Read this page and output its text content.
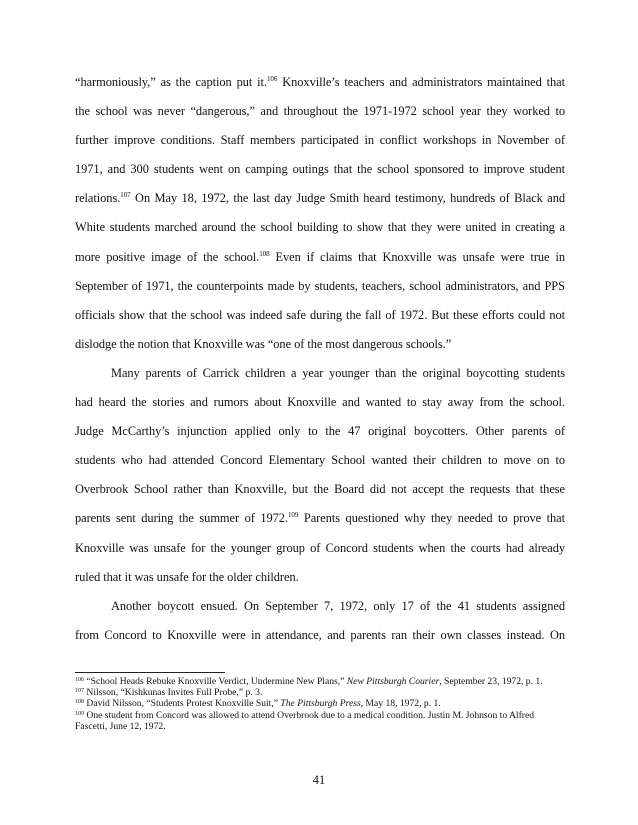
“harmoniously,” as the caption put it.$^{106}$ Knoxville’s teachers and administrators maintained that
the school was never “dangerous,” and throughout the 1971-1972 school year they worked to
further improve conditions. Staff members participated in conflict workshops in November of
1971, and 300 students went on camping outings that the school sponsored to improve student
relations.$^{107}$ On May 18, 1972, the last day Judge Smith heard testimony, hundreds of Black and
White students marched around the school building to show that they were united in creating a
more positive image of the school.$^{108}$ Even if claims that Knoxville was unsafe were true in
September of 1971, the counterpoints made by students, teachers, school administrators, and PPS
officials show that the school was indeed safe during the fall of 1972. But these efforts could not
dislodge the notion that Knoxville was “one of the most dangerous schools.”
Many parents of Carrick children a year younger than the original boycotting students
had heard the stories and rumors about Knoxville and wanted to stay away from the school.
Judge McCarthy’s injunction applied only to the 47 original boycotters. Other parents of
students who had attended Concord Elementary School wanted their children to move on to
Overbrook School rather than Knoxville, but the Board did not accept the requests that these
parents sent during the summer of 1972.$^{109}$ Parents questioned why they needed to prove that
Knoxville was unsafe for the younger group of Concord students when the courts had already
ruled that it was unsafe for the older children.
Another boycott ensued. On September 7, 1972, only 17 of the 41 students assigned
from Concord to Knoxville were in attendance, and parents ran their own classes instead. On

$^{106}$ “School Heads Rebuke Knoxville Verdict, Undermine New Plans,” New Pittsburgh Courier, September 23, 1972, p. 1.

$^{107}$ Nilsson, “Kishkunas Invites Full Probe,” p. 3.

$^{108}$ David Nilsson, “Students Protest Knoxville Suit,” The Pittsburgh Press, May 18, 1972, p. 1.

$^{109}$ One student from Concord was allowed to attend Overbrook due to a medical condition. Justin M. Johnson to Alfred Fascetti, June 12, 1972.

41
